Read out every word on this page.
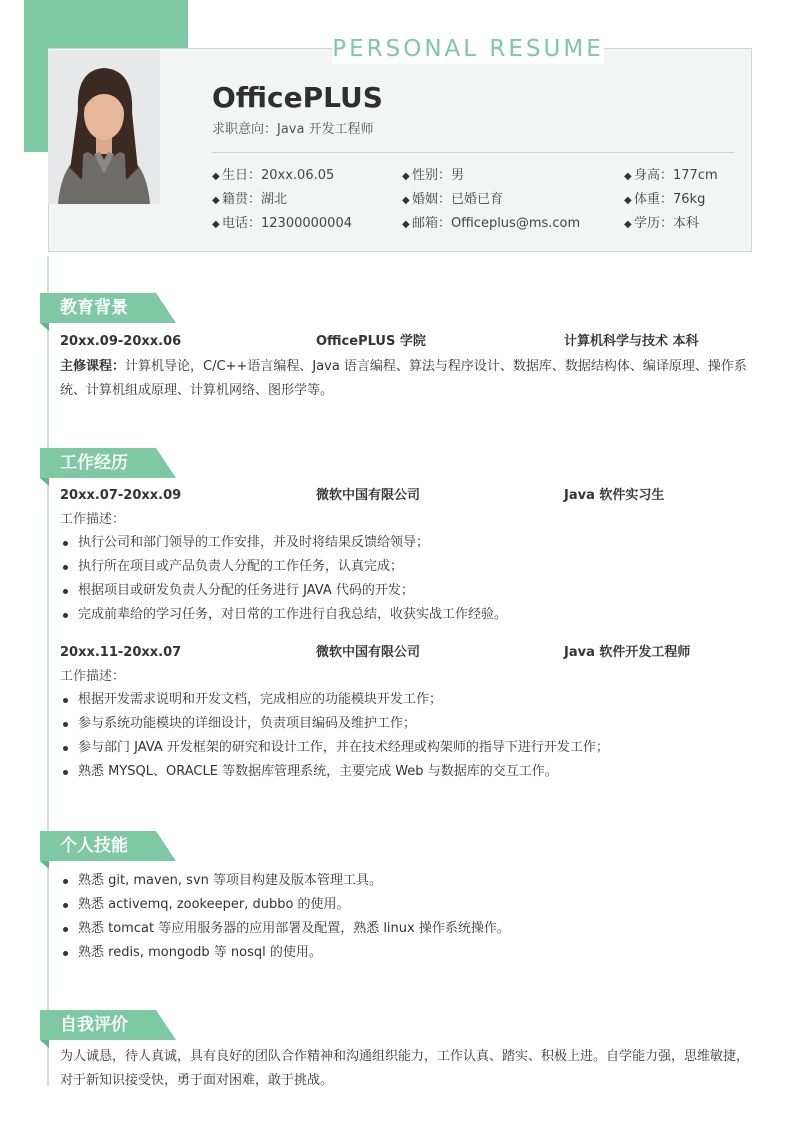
PERSONAL RESUME
OfficePLUS
求职意向：Java 开发工程师
◆ 生日：20xx.06.05	◆ 性别：男	◆ 身高：177cm
◆ 籍贯：湖北	◆ 婚姻：已婚已育	◆ 体重：76kg
◆ 电话：12300000004	◆ 邮箱：Officeplus@ms.com	◆ 学历：本科
教育背景
20xx.09-20xx.06	OfficePLUS 学院	计算机科学与技术 本科
主修课程：计算机导论，C/C++语言编程、Java 语言编程、算法与程序设计、数据库、数据结构体、编译原理、操作系统、计算机组成原理、计算机网络、图形学等。
工作经历
20xx.07-20xx.09	微软中国有限公司	Java 软件实习生
工作描述：
执行公司和部门领导的工作安排，并及时将结果反馈给领导；
执行所在项目或产品负责人分配的工作任务，认真完成；
根据项目或研发负责人分配的任务进行 JAVA 代码的开发；
完成前辈给的学习任务，对日常的工作进行自我总结，收获实战工作经验。
20xx.11-20xx.07	微软中国有限公司	Java 软件开发工程师
工作描述：
根据开发需求说明和开发文档，完成相应的功能模块开发工作；
参与系统功能模块的详细设计，负责项目编码及维护工作；
参与部门 JAVA 开发框架的研究和设计工作，并在技术经理或构架师的指导下进行开发工作；
熟悉 MYSQL、ORACLE 等数据库管理系统，主要完成 Web 与数据库的交互工作。
个人技能
熟悉 git, maven, svn 等项目构建及版本管理工具。
熟悉 activemq, zookeeper, dubbo 的使用。
熟悉 tomcat 等应用服务器的应用部署及配置，熟悉 linux 操作系统操作。
熟悉 redis, mongodb 等 nosql 的使用。
自我评价
为人诚恳，待人真诚，具有良好的团队合作精神和沟通组织能力，工作认真、踏实、积极上进。自学能力强，思维敏捷，对于新知识接受快，勇于面对困难，敢于挑战。
